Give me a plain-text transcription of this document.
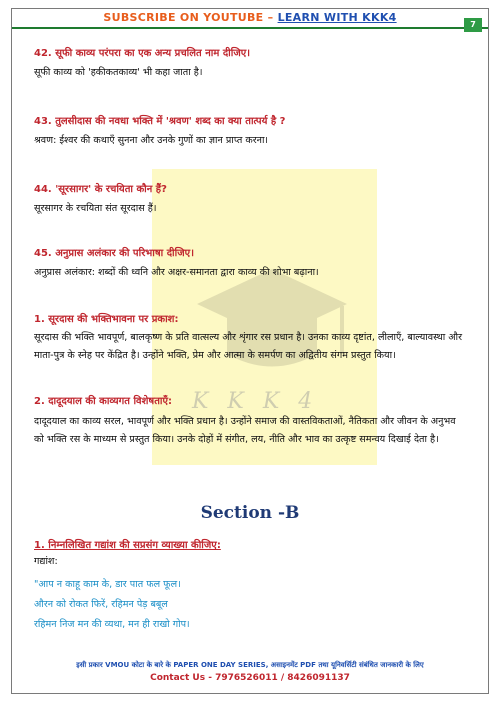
SUBSCRIBE ON YOUTUBE – LEARN WITH KKK4
7
K K K 4
42. सूफी काव्य परंपरा का एक अन्य प्रचलित नाम दीजिए।
सूफी काव्य को 'हकीकतकाव्य' भी कहा जाता है।
43. तुलसीदास की नवधा भक्ति में 'श्रवण' शब्द का क्या तात्पर्य है ?
श्रवण: ईश्वर की कथाएँ सुनना और उनके गुणों का ज्ञान प्राप्त करना।
44. 'सूरसागर' के रचयिता कौन हैं?
सूरसागर के रचयिता संत सूरदास हैं।
45. अनुप्रास अलंकार की परिभाषा दीजिए।
अनुप्रास अलंकार: शब्दों की ध्वनि और अक्षर-समानता द्वारा काव्य की शोभा बढ़ाना।
1. सूरदास की भक्तिभावना पर प्रकाश:
सूरदास की भक्ति भावपूर्ण, बालकृष्ण के प्रति वात्सल्य और शृंगार रस प्रधान है। उनका काव्य दृष्टांत, लीलाएँ, बाल्यावस्था और
माता-पुत्र के स्नेह पर केंद्रित है। उन्होंने भक्ति, प्रेम और आत्मा के समर्पण का अद्वितीय संगम प्रस्तुत किया।
2. दादूदयाल की काव्यगत विशेषताएँ:
दादूदयाल का काव्य सरल, भावपूर्ण और भक्ति प्रधान है। उन्होंने समाज की वास्तविकताओं, नैतिकता और जीवन के अनुभव
को भक्ति रस के माध्यम से प्रस्तुत किया। उनके दोहों में संगीत, लय, नीति और भाव का उत्कृष्ट समन्वय दिखाई देता है।
Section -B
1. निम्नलिखित गद्यांश की सप्रसंग व्याख्या कीजिए:
गद्यांश:
"आप न काहू काम के, डार पात फल फूल।
औरन को रोकत फिरें, रहिमन पेड़ बबूल
रहिमन निज मन की व्यथा, मन ही राखो गोप।
इसी प्रकार VMOU कोटा के बारे के PAPER ONE DAY SERIES, असाइनमेंट PDF तथा यूनिवर्सिटी संबंधित जानकारी के लिए
Contact Us - 7976526011 / 8426091137
